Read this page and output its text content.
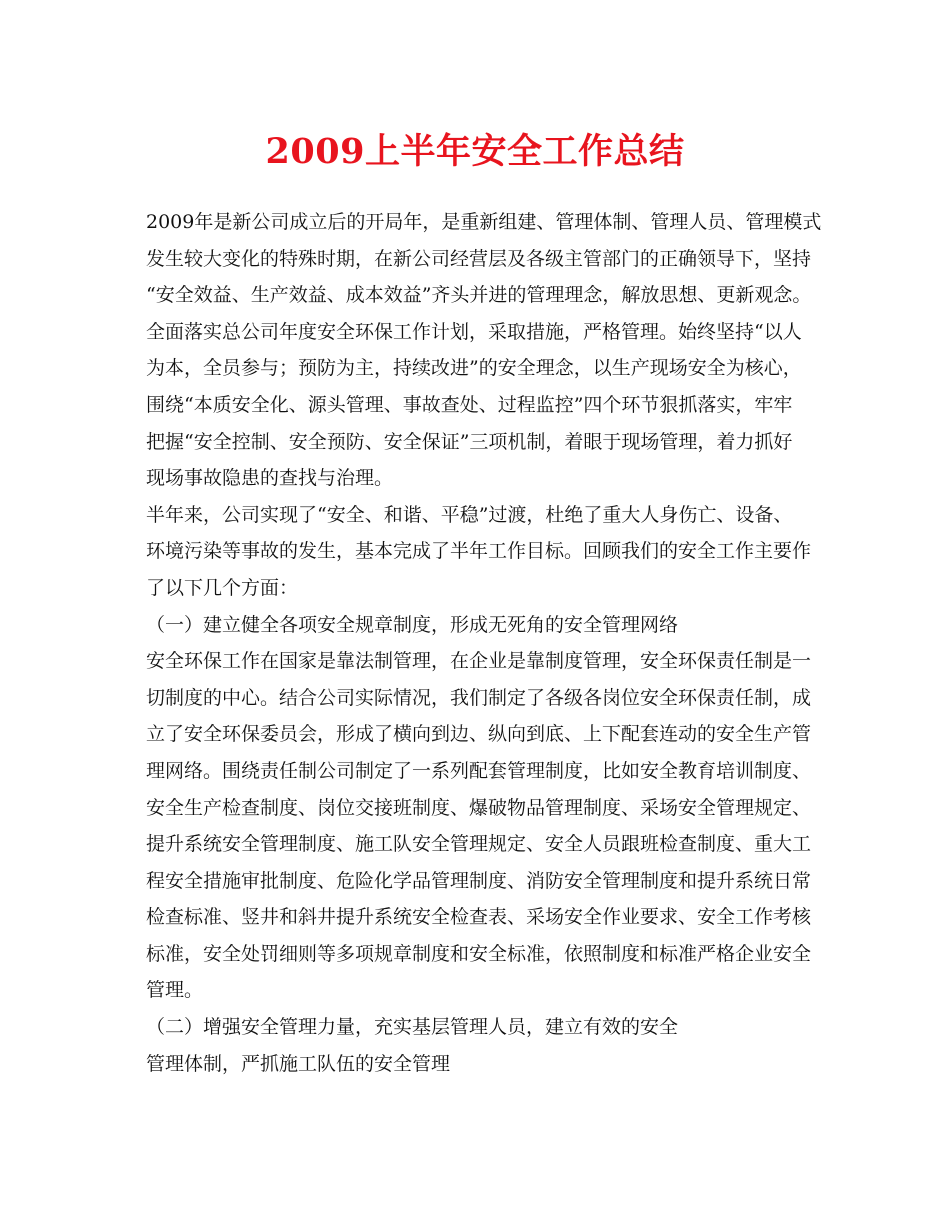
2009上半年安全工作总结
2009年是新公司成立后的开局年，是重新组建、管理体制、管理人员、管理模式
发生较大变化的特殊时期，在新公司经营层及各级主管部门的正确领导下，坚持
“安全效益、生产效益、成本效益”齐头并进的管理理念，解放思想、更新观念。
全面落实总公司年度安全环保工作计划，采取措施，严格管理。始终坚持“以人
为本，全员参与；预防为主，持续改进”的安全理念，以生产现场安全为核心，
围绕“本质安全化、源头管理、事故查处、过程监控”四个环节狠抓落实，牢牢
把握“安全控制、安全预防、安全保证”三项机制，着眼于现场管理，着力抓好
现场事故隐患的查找与治理。
半年来，公司实现了“安全、和谐、平稳”过渡，杜绝了重大人身伤亡、设备、
环境污染等事故的发生，基本完成了半年工作目标。回顾我们的安全工作主要作
了以下几个方面：
（一）建立健全各项安全规章制度，形成无死角的安全管理网络
安全环保工作在国家是靠法制管理，在企业是靠制度管理，安全环保责任制是一
切制度的中心。结合公司实际情况，我们制定了各级各岗位安全环保责任制，成
立了安全环保委员会，形成了横向到边、纵向到底、上下配套连动的安全生产管
理网络。围绕责任制公司制定了一系列配套管理制度，比如安全教育培训制度、
安全生产检查制度、岗位交接班制度、爆破物品管理制度、采场安全管理规定、
提升系统安全管理制度、施工队安全管理规定、安全人员跟班检查制度、重大工
程安全措施审批制度、危险化学品管理制度、消防安全管理制度和提升系统日常
检查标准、竖井和斜井提升系统安全检查表、采场安全作业要求、安全工作考核
标准，安全处罚细则等多项规章制度和安全标准，依照制度和标准严格企业安全
管理。
（二）增强安全管理力量，充实基层管理人员，建立有效的安全
管理体制，严抓施工队伍的安全管理
